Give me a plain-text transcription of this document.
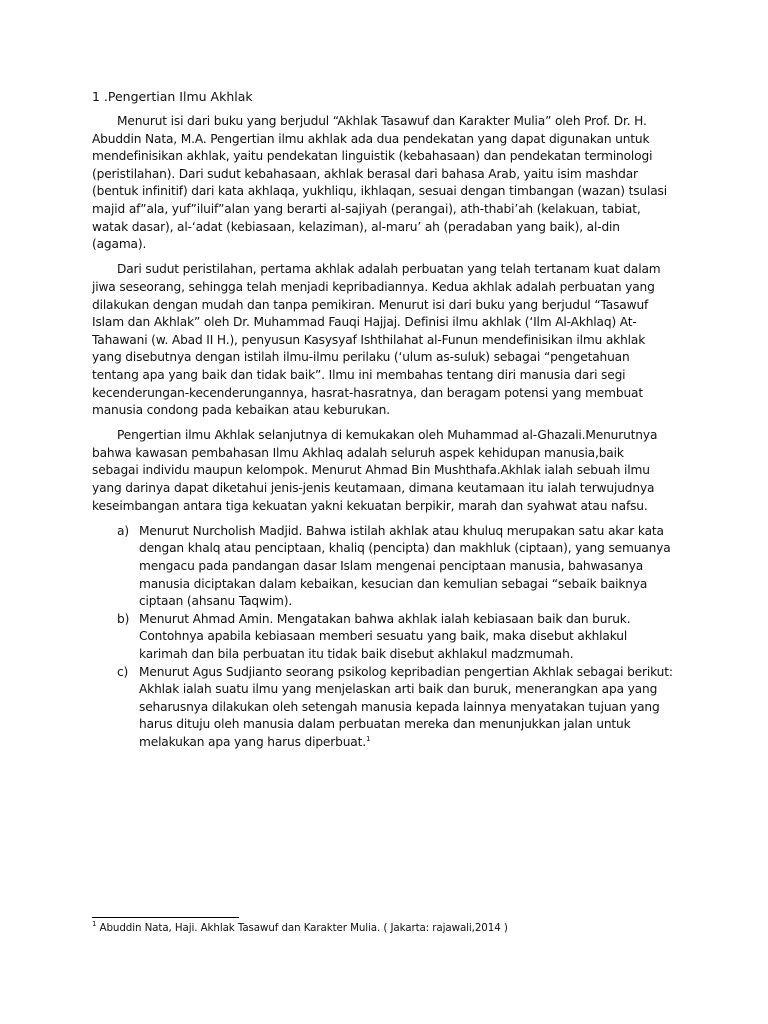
1 .Pengertian Ilmu Akhlak

Menurut isi dari buku yang berjudul “Akhlak Tasawuf dan Karakter Mulia” oleh Prof. Dr. H. Abuddin Nata, M.A. Pengertian ilmu akhlak ada dua pendekatan yang dapat digunakan untuk mendefinisikan akhlak, yaitu pendekatan linguistik (kebahasaan) dan pendekatan terminologi (peristilahan). Dari sudut kebahasaan, akhlak berasal dari bahasa Arab, yaitu isim mashdar (bentuk infinitif) dari kata akhlaqa, yukhliqu, ikhlaqan, sesuai dengan timbangan (wazan) tsulasi majid af”ala, yuf”iluif”alan yang berarti al-sajiyah (perangai), ath-thabi’ah (kelakuan, tabiat, watak dasar), al-‘adat (kebiasaan, kelaziman), al-maru’ ah (peradaban yang baik), al-din (agama).

Dari sudut peristilahan, pertama akhlak adalah perbuatan yang telah tertanam kuat dalam jiwa seseorang, sehingga telah menjadi kepribadiannya. Kedua akhlak adalah perbuatan yang dilakukan dengan mudah dan tanpa pemikiran. Menurut isi dari buku yang berjudul “Tasawuf Islam dan Akhlak” oleh Dr. Muhammad Fauqi Hajjaj. Definisi ilmu akhlak (‘Ilm Al-Akhlaq) At-Tahawani (w. Abad II H.), penyusun Kasysyaf Ishthilahat al-Funun mendefinisikan ilmu akhlak yang disebutnya dengan istilah ilmu-ilmu perilaku (‘ulum as-suluk) sebagai “pengetahuan tentang apa yang baik dan tidak baik”. Ilmu ini membahas tentang diri manusia dari segi kecenderungan-kecenderungannya, hasrat-hasratnya, dan beragam potensi yang membuat manusia condong pada kebaikan atau keburukan.

Pengertian ilmu Akhlak selanjutnya di kemukakan oleh Muhammad al-Ghazali.Menurutnya bahwa kawasan pembahasan Ilmu Akhlaq adalah seluruh aspek kehidupan manusia,baik sebagai individu maupun kelompok. Menurut Ahmad Bin Mushthafa.Akhlak ialah sebuah ilmu yang darinya dapat diketahui jenis-jenis keutamaan, dimana keutamaan itu ialah terwujudnya keseimbangan antara tiga kekuatan yakni kekuatan berpikir, marah dan syahwat atau nafsu.

a) Menurut Nurcholish Madjid. Bahwa istilah akhlak atau khuluq merupakan satu akar kata dengan khalq atau penciptaan, khaliq (pencipta) dan makhluk (ciptaan), yang semuanya mengacu pada pandangan dasar Islam mengenai penciptaan manusia, bahwasanya manusia diciptakan dalam kebaikan, kesucian dan kemulian sebagai “sebaik baiknya ciptaan (ahsanu Taqwim).
b) Menurut Ahmad Amin. Mengatakan bahwa akhlak ialah kebiasaan baik dan buruk. Contohnya apabila kebiasaan memberi sesuatu yang baik, maka disebut akhlakul karimah dan bila perbuatan itu tidak baik disebut akhlakul madzmumah.
c) Menurut Agus Sudjianto seorang psikolog kepribadian pengertian Akhlak sebagai berikut: Akhlak ialah suatu ilmu yang menjelaskan arti baik dan buruk, menerangkan apa yang seharusnya dilakukan oleh setengah manusia kepada lainnya menyatakan tujuan yang harus dituju oleh manusia dalam perbuatan mereka dan menunjukkan jalan untuk melakukan apa yang harus diperbuat.$^1$
$^1$ Abuddin Nata, Haji. Akhlak Tasawuf dan Karakter Mulia. ( Jakarta: rajawali,2014 )
